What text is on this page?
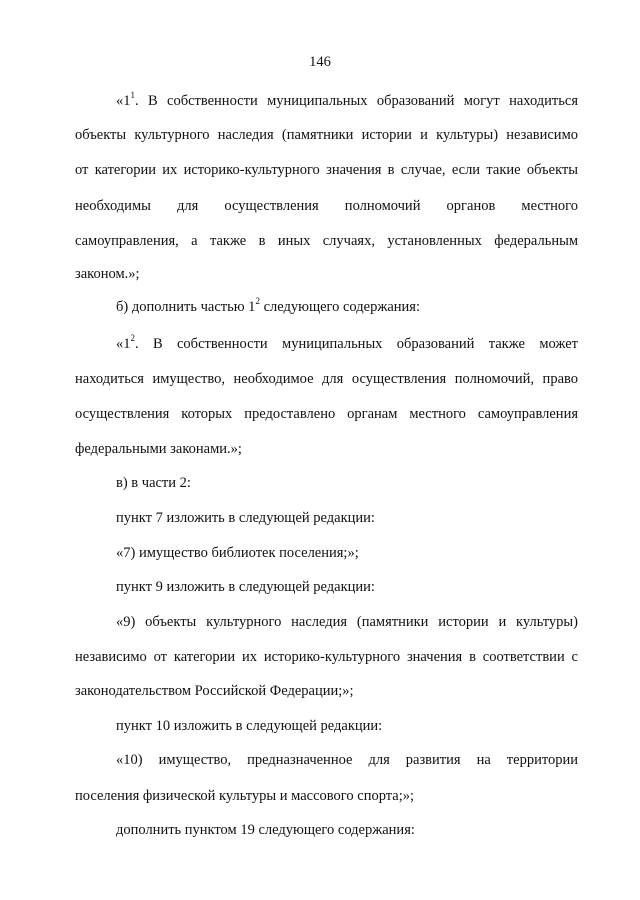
146
«$1^1$. В собственности муниципальных образований могут находиться
объекты культурного наследия (памятники истории и культуры) независимо
от категории их историко-культурного значения в случае, если такие объекты
необходимы для осуществления полномочий органов местного
самоуправления, а также в иных случаях, установленных федеральным
законом.»;
б) дополнить частью $1^2$ следующего содержания:
«$1^2$. В собственности муниципальных образований также может
находиться имущество, необходимое для осуществления полномочий, право
осуществления которых предоставлено органам местного самоуправления
федеральными законами.»;
в) в части 2:
пункт 7 изложить в следующей редакции:
«7) имущество библиотек поселения;»;
пункт 9 изложить в следующей редакции:
«9) объекты культурного наследия (памятники истории и культуры)
независимо от категории их историко-культурного значения в соответствии с
законодательством Российской Федерации;»;
пункт 10 изложить в следующей редакции:
«10) имущество, предназначенное для развития на территории
поселения физической культуры и массового спорта;»;
дополнить пунктом 19 следующего содержания:
